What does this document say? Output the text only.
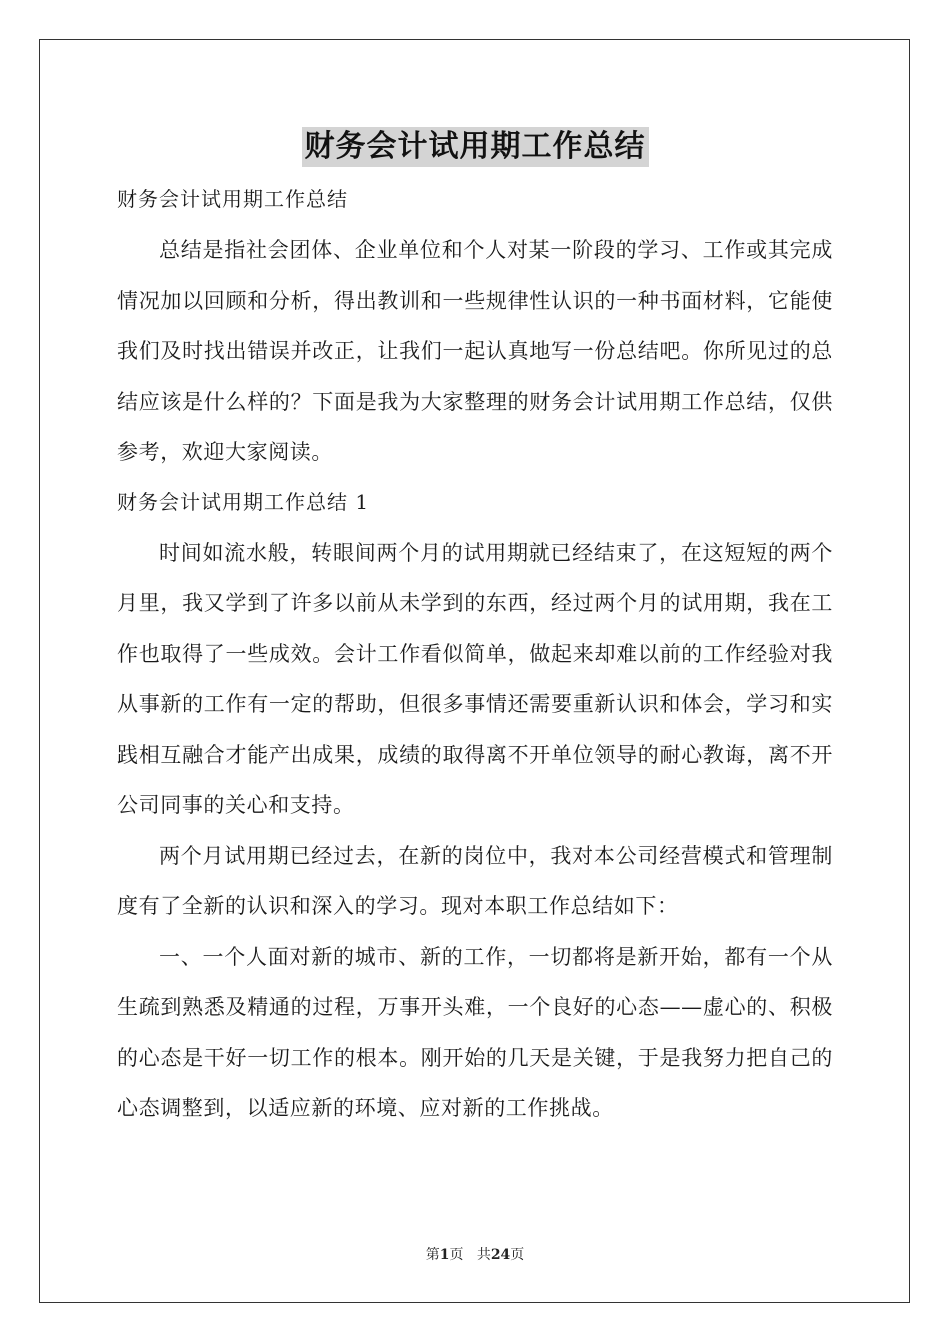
财务会计试用期工作总结

财务会计试用期工作总结

总结是指社会团体、企业单位和个人对某一阶段的学习、工作或其完成情况加以回顾和分析，得出教训和一些规律性认识的一种书面材料，它能使我们及时找出错误并改正，让我们一起认真地写一份总结吧。你所见过的总结应该是什么样的？下面是我为大家整理的财务会计试用期工作总结，仅供参考，欢迎大家阅读。

财务会计试用期工作总结 1

时间如流水般，转眼间两个月的试用期就已经结束了，在这短短的两个月里，我又学到了许多以前从未学到的东西，经过两个月的试用期，我在工作也取得了一些成效。会计工作看似简单，做起来却难以前的工作经验对我从事新的工作有一定的帮助，但很多事情还需要重新认识和体会，学习和实践相互融合才能产出成果，成绩的取得离不开单位领导的耐心教诲，离不开公司同事的关心和支持。

两个月试用期已经过去，在新的岗位中，我对本公司经营模式和管理制度有了全新的认识和深入的学习。现对本职工作总结如下：

一、一个人面对新的城市、新的工作，一切都将是新开始，都有一个从生疏到熟悉及精通的过程，万事开头难，一个良好的心态——虚心的、积极的心态是干好一切工作的根本。刚开始的几天是关键，于是我努力把自己的心态调整到，以适应新的环境、应对新的工作挑战。

第1页 共24页
